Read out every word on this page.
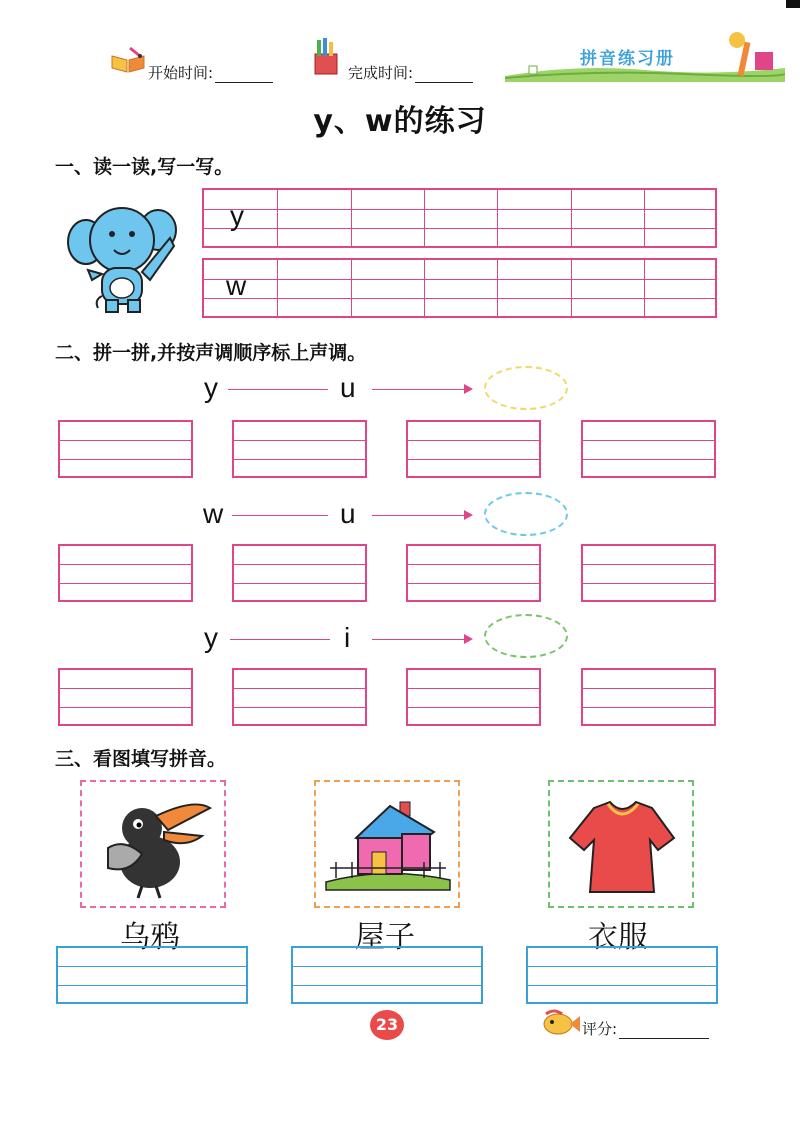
开始时间:	完成时间:
拼音练习册
y、w的练习
一、读一读,写一写。
y
w
二、拼一拼,并按声调顺序标上声调。
y	u
w	u
y	i
三、看图填写拼音。
乌鸦	屋子	衣服
23	评分:
